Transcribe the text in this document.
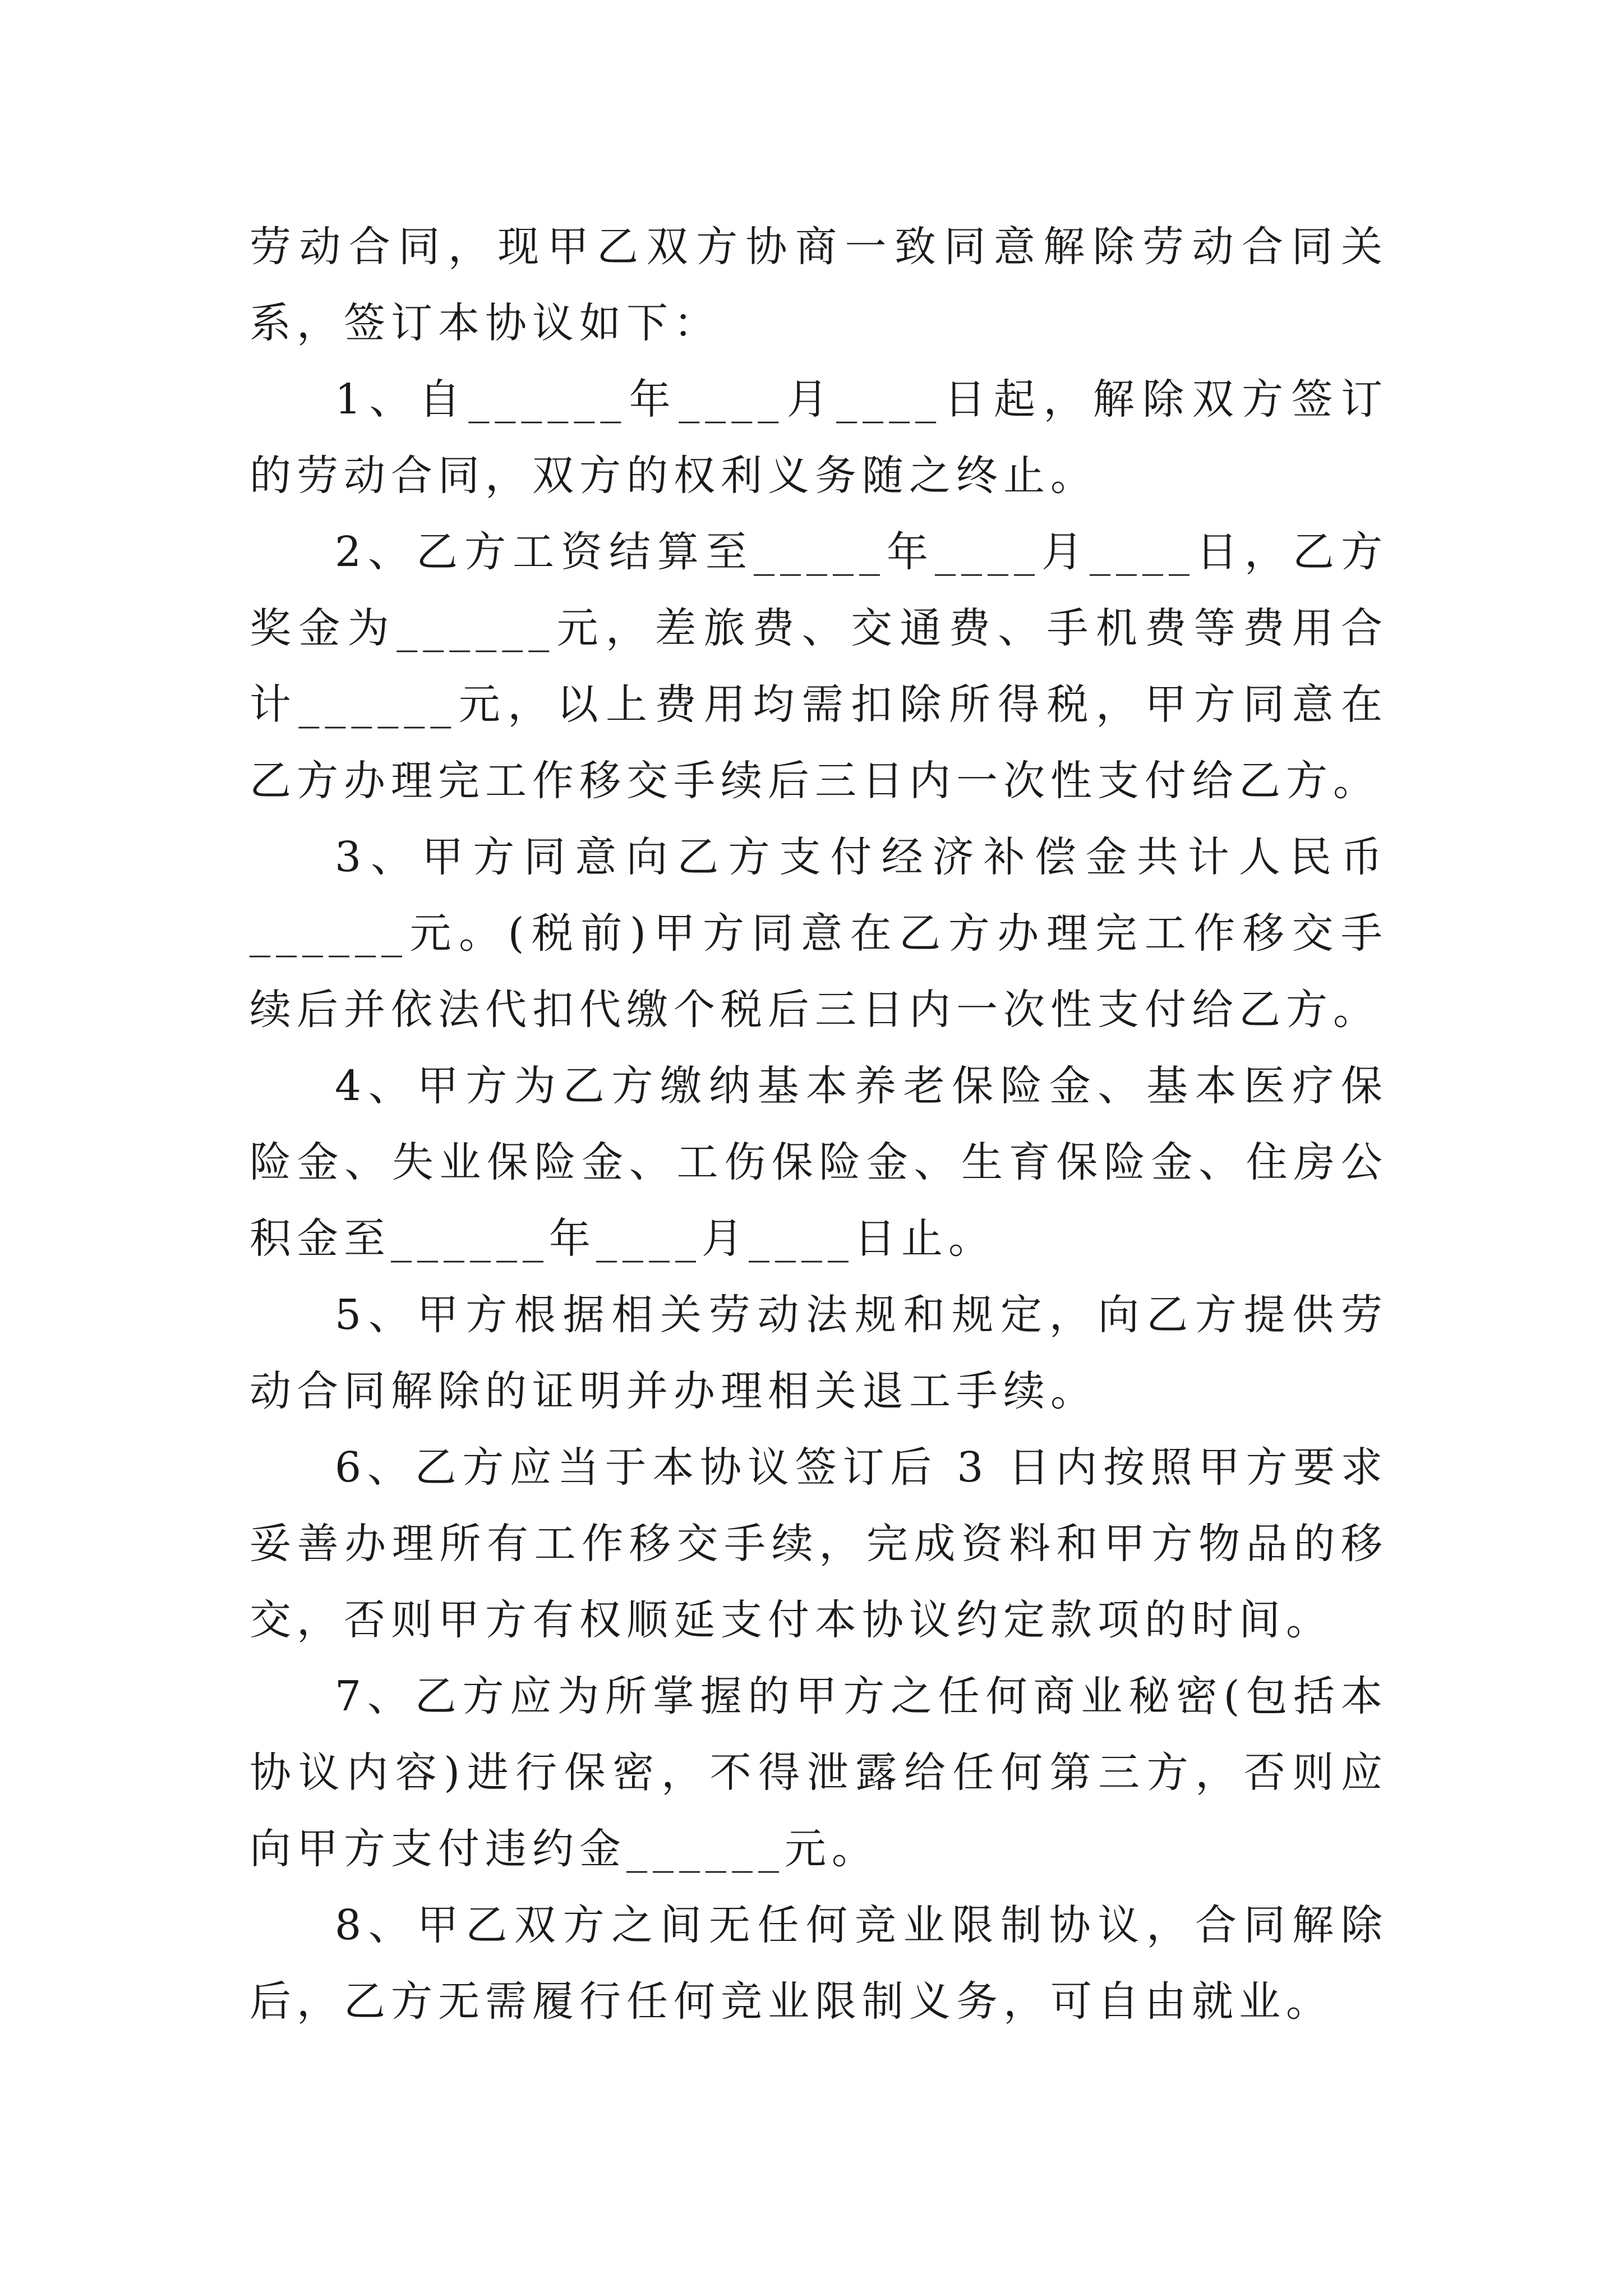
劳动合同，现甲乙双方协商一致同意解除劳动合同关系，签订本协议如下：

1、自______年____月____日起，解除双方签订的劳动合同，双方的权利义务随之终止。

2、乙方工资结算至_____年____月____日，乙方奖金为______元，差旅费、交通费、手机费等费用合计______元，以上费用均需扣除所得税，甲方同意在乙方办理完工作移交手续后三日内一次性支付给乙方。

3、甲方同意向乙方支付经济补偿金共计人民币______元。(税前)甲方同意在乙方办理完工作移交手续后并依法代扣代缴个税后三日内一次性支付给乙方。

4、甲方为乙方缴纳基本养老保险金、基本医疗保险金、失业保险金、工伤保险金、生育保险金、住房公积金至______年____月____日止。

5、甲方根据相关劳动法规和规定，向乙方提供劳动合同解除的证明并办理相关退工手续。

6、乙方应当于本协议签订后 3 日内按照甲方要求妥善办理所有工作移交手续，完成资料和甲方物品的移交，否则甲方有权顺延支付本协议约定款项的时间。

7、乙方应为所掌握的甲方之任何商业秘密(包括本协议内容)进行保密，不得泄露给任何第三方，否则应向甲方支付违约金______元。

8、甲乙双方之间无任何竞业限制协议，合同解除后，乙方无需履行任何竞业限制义务，可自由就业。
